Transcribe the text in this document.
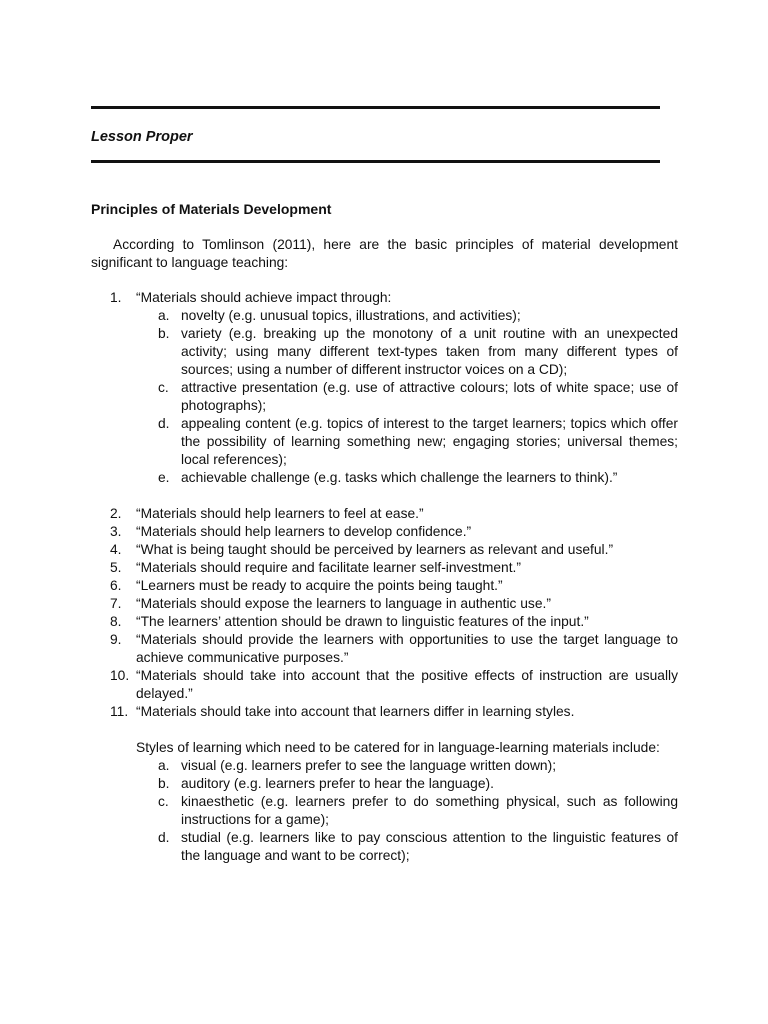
Lesson Proper
Principles of Materials Development

According to Tomlinson (2011), here are the basic principles of material development significant to language teaching:

1.	“Materials should achieve impact through:
a. novelty (e.g. unusual topics, illustrations, and activities);
b. variety (e.g. breaking up the monotony of a unit routine with an unexpected activity; using many different text-types taken from many different types of sources; using a number of different instructor voices on a CD);
c. attractive presentation (e.g. use of attractive colours; lots of white space; use of photographs);
d. appealing content (e.g. topics of interest to the target learners; topics which offer the possibility of learning something new; engaging stories; universal themes; local references);
e. achievable challenge (e.g. tasks which challenge the learners to think).”
2.	“Materials should help learners to feel at ease.”
3.	“Materials should help learners to develop confidence.”
4.	“What is being taught should be perceived by learners as relevant and useful.”
5.	“Materials should require and facilitate learner self-investment.”
6.	“Learners must be ready to acquire the points being taught.”
7.	“Materials should expose the learners to language in authentic use.”
8.	“The learners’ attention should be drawn to linguistic features of the input.”
9.	“Materials should provide the learners with opportunities to use the target language to achieve communicative purposes.”
10. “Materials should take into account that the positive effects of instruction are usually delayed.”
11. “Materials should take into account that learners differ in learning styles.

Styles of learning which need to be catered for in language-learning materials include:

a. visual (e.g. learners prefer to see the language written down);
b. auditory (e.g. learners prefer to hear the language).
c. kinaesthetic (e.g. learners prefer to do something physical, such as following instructions for a game);
d. studial (e.g. learners like to pay conscious attention to the linguistic features of the language and want to be correct);
